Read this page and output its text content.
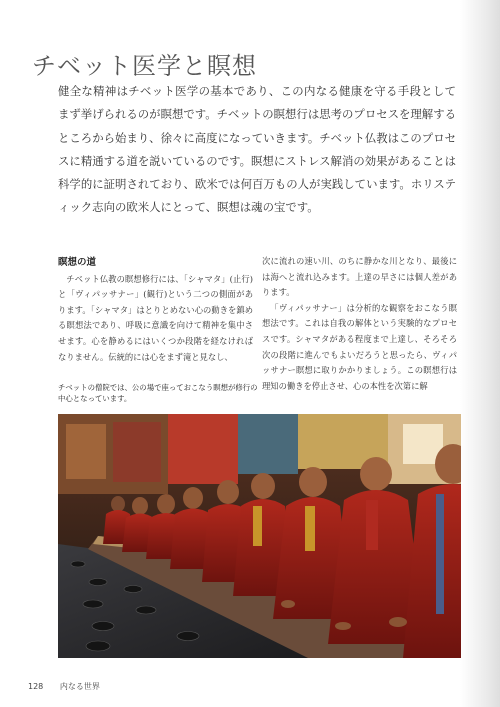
チベット医学と瞑想

健全な精神はチベット医学の基本であり、この内なる健康を守る手段としてまず挙げられるのが瞑想です。チベットの瞑想行は思考のプロセスを理解するところから始まり、徐々に高度になっていきます。チベット仏教はこのプロセスに精通する道を説いているのです。瞑想にストレス解消の効果があることは科学的に証明されており、欧米では何百万もの人が実践しています。ホリスティック志向の欧米人にとって、瞑想は魂の宝です。

瞑想の道

チベット仏教の瞑想修行には、「シャマタ」(止行)と「ヴィパッサナー」(観行)という二つの側面があります。「シャマタ」はとりとめない心の動きを鎮める瞑想法であり、呼吸に意識を向けて精神を集中させます。心を静めるにはいくつか段階を経なければなりません。伝統的には心をまず滝と見なし、

次に流れの速い川、のちに静かな川となり、最後には海へと流れ込みます。上達の早さには個人差があります。

「ヴィパッサナー」は分析的な観察をおこなう瞑想法です。これは自我の解体という実験的なプロセスです。シャマタがある程度まで上達し、そろそろ次の段階に進んでもよいだろうと思ったら、ヴィパッサナー瞑想に取りかかりましょう。この瞑想行は理知の働きを停止させ、心の本性を次第に解

チベットの僧院では、公の場で座っておこなう瞑想が修行の中心となっています。
128 内なる世界
